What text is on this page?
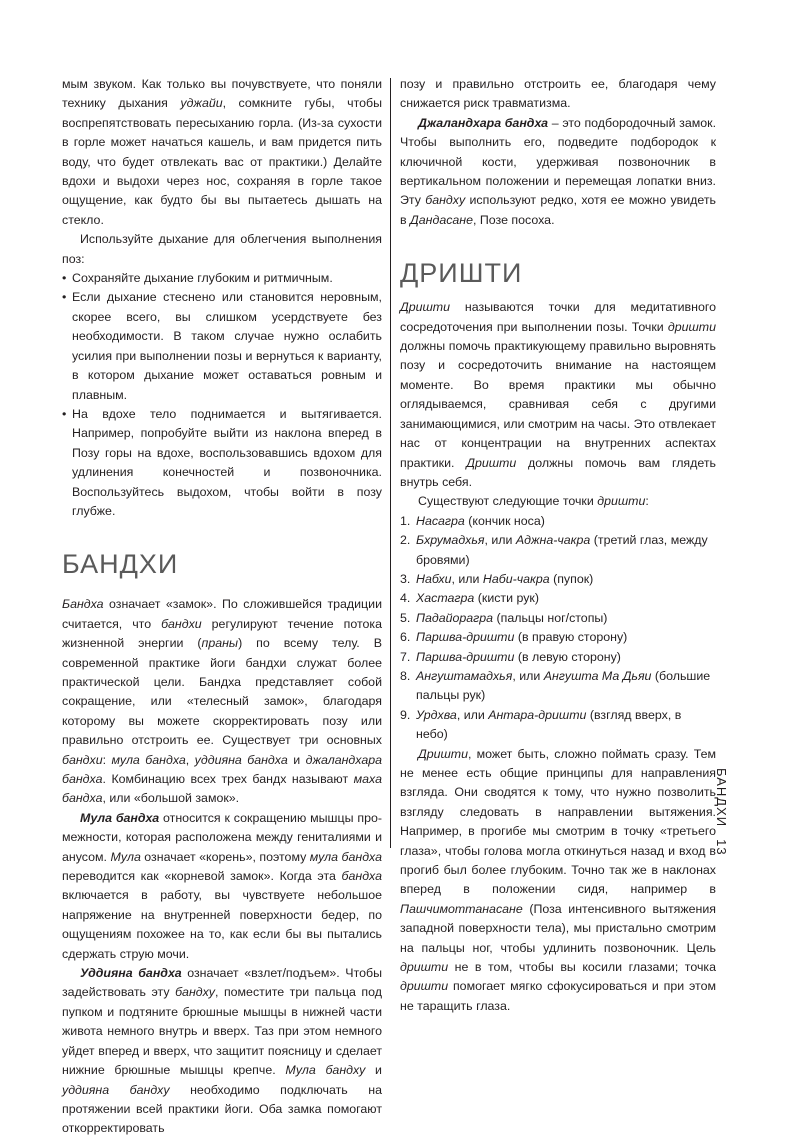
мым звуком. Как только вы почувствуете, что поняли технику дыхания уджайи, сомкните губы, чтобы воспрепятствовать пересыханию горла. (Из-за сухости в горле может начаться кашель, и вам придется пить воду, что будет отвлекать вас от практики.) Делайте вдохи и выдохи через нос, сохраняя в горле такое ощущение, как будто бы вы пытаетесь дышать на стекло.

Используйте дыхание для облегчения выполнения поз:

• Сохраняйте дыхание глубоким и ритмичным.
• Если дыхание стеснено или становится неровным, скорее всего, вы слишком усердствуете без необходимости. В таком случае нужно ослабить усилия при выполнении позы и вернуться к варианту, в котором дыхание может оставаться ровным и плавным.
• На вдохе тело поднимается и вытягивается. Например, попробуйте выйти из наклона вперед в Позу горы на вдохе, воспользовавшись вдохом для удлинения конечностей и позвоночника. Воспользуйтесь выдохом, чтобы войти в позу глубже.
БАНДХИ

Бандха означает «замок». По сложившейся традиции считается, что бандхи регулируют течение потока жизненной энергии (праны) по всему телу. В современной практике йоги бандхи служат более практической цели. Бандха представляет собой сокращение, или «телесный замок», благодаря которому вы можете скорректировать позу или правильно отстроить ее. Существует три основных бандхи: мула бандха, уддияна бандха и джаландхара бандха. Комбинацию всех трех бандх называют маха бандха, или «большой замок».

Мула бандха относится к сокращению мышцы промежности, которая расположена между гениталиями и анусом. Мула означает «корень», поэтому мула бандха переводится как «корневой замок». Когда эта бандха включается в работу, вы чувствуете небольшое напряжение на внутренней поверхности бедер, по ощущениям похожее на то, как если бы вы пытались сдержать струю мочи.

Уддияна бандха означает «взлет/подъем». Чтобы задействовать эту бандху, поместите три пальца под пупком и подтяните брюшные мышцы в нижней части живота немного внутрь и вверх. Таз при этом немного уйдет вперед и вверх, что защитит поясницу и сделает нижние брюшные мышцы крепче. Мула бандху и уддияна бандху необходимо подключать на протяжении всей практики йоги. Оба замка помогают откорректировать

позу и правильно отстроить ее, благодаря чему снижается риск травматизма.

Джаландхара бандха – это подбородочный замок. Чтобы выполнить его, подведите подбородок к ключичной кости, удерживая позвоночник в вертикальном положении и перемещая лопатки вниз. Эту бандху используют редко, хотя ее можно увидеть в Дандасане, Позе посоха.

ДРИШТИ

Дришти называются точки для медитативного сосредоточения при выполнении позы. Точки дришти должны помочь практикующему правильно выровнять позу и сосредоточить внимание на настоящем моменте. Во время практики мы обычно оглядываемся, сравнивая себя с другими занимающимися, или смотрим на часы. Это отвлекает нас от концентрации на внутренних аспектах практики. Дришти должны помочь вам глядеть внутрь себя.

Существуют следующие точки дришти:

1. Насагра (кончик носа)
2. Бхрумадхья, или Аджна-чакра (третий глаз, между бровями)
3. Набхи, или Наби-чакра (пупок)
4. Хастагра (кисти рук)
5. Падайорагра (пальцы ног/стопы)
6. Паршва-дришти (в правую сторону)
7. Паршва-дришти (в левую сторону)
8. Ангуштамадхья, или Ангушта Ма Дьяи (большие пальцы рук)
9. Урдхва, или Антара-дришти (взгляд вверх, в небо)

Дришти, может быть, сложно поймать сразу. Тем не менее есть общие принципы для направления взгляда. Они сводятся к тому, что нужно позволить взгляду следовать в направлении вытяжения. Например, в прогибе мы смотрим в точку «третьего глаза», чтобы голова могла откинуться назад и вход в прогиб был более глубоким. Точно так же в наклонах вперед в положении сидя, например в Пашчимоттанасане (Поза интенсивного вытяжения западной поверхности тела), мы пристально смотрим на пальцы ног, чтобы удлинить позвоночник. Цель дришти не в том, чтобы вы косили глазами; точка дришти помогает мягко сфокусироваться и при этом не таращить глаза.

БАНДХИ13
